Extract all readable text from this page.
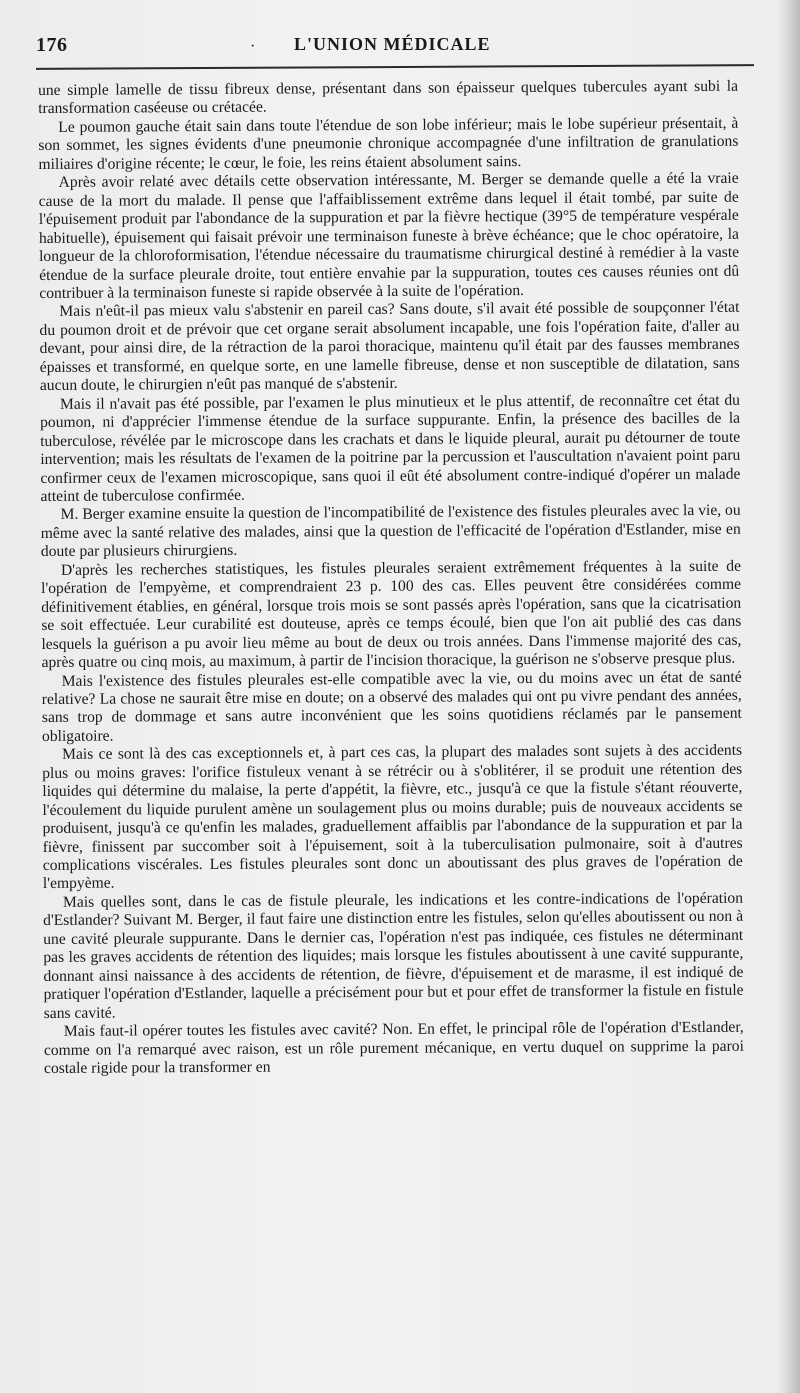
176	· L'UNION MÉDICALE

une simple lamelle de tissu fibreux dense, présentant dans son épaisseur quelques tubercules ayant subi la transformation caséeuse ou crétacée.

Le poumon gauche était sain dans toute l'étendue de son lobe inférieur; mais le lobe supérieur présentait, à son sommet, les signes évidents d'une pneumonie chronique accompagnée d'une infiltration de granulations miliaires d'origine récente; le cœur, le foie, les reins étaient absolument sains.

Après avoir relaté avec détails cette observation intéressante, M. Berger se demande quelle a été la vraie cause de la mort du malade. Il pense que l'affaiblissement extrême dans lequel il était tombé, par suite de l'épuisement produit par l'abondance de la suppuration et par la fièvre hectique (39°5 de température vespérale habituelle), épuisement qui faisait prévoir une terminaison funeste à brève échéance; que le choc opératoire, la longueur de la chloroformisation, l'étendue nécessaire du traumatisme chirurgical destiné à remédier à la vaste étendue de la surface pleurale droite, tout entière envahie par la suppuration, toutes ces causes réunies ont dû contribuer à la terminaison funeste si rapide observée à la suite de l'opération.

Mais n'eût-il pas mieux valu s'abstenir en pareil cas? Sans doute, s'il avait été possible de soupçonner l'état du poumon droit et de prévoir que cet organe serait absolument incapable, une fois l'opération faite, d'aller au devant, pour ainsi dire, de la rétraction de la paroi thoracique, maintenu qu'il était par des fausses membranes épaisses et transformé, en quelque sorte, en une lamelle fibreuse, dense et non susceptible de dilatation, sans aucun doute, le chirurgien n'eût pas manqué de s'abstenir.

Mais il n'avait pas été possible, par l'examen le plus minutieux et le plus attentif, de reconnaître cet état du poumon, ni d'apprécier l'immense étendue de la surface suppurante. Enfin, la présence des bacilles de la tuberculose, révélée par le microscope dans les crachats et dans le liquide pleural, aurait pu détourner de toute intervention; mais les résultats de l'examen de la poitrine par la percussion et l'auscultation n'avaient point paru confirmer ceux de l'examen microscopique, sans quoi il eût été absolument contre-indiqué d'opérer un malade atteint de tuberculose confirmée.

M. Berger examine ensuite la question de l'incompatibilité de l'existence des fistules pleurales avec la vie, ou même avec la santé relative des malades, ainsi que la question de l'efficacité de l'opération d'Estlander, mise en doute par plusieurs chirurgiens.

D'après les recherches statistiques, les fistules pleurales seraient extrêmement fréquentes à la suite de l'opération de l'empyème, et comprendraient 23 p. 100 des cas. Elles peuvent être considérées comme définitivement établies, en général, lorsque trois mois se sont passés après l'opération, sans que la cicatrisation se soit effectuée. Leur curabilité est douteuse, après ce temps écoulé, bien que l'on ait publié des cas dans lesquels la guérison a pu avoir lieu même au bout de deux ou trois années. Dans l'immense majorité des cas, après quatre ou cinq mois, au maximum, à partir de l'incision thoracique, la guérison ne s'observe presque plus.

Mais l'existence des fistules pleurales est-elle compatible avec la vie, ou du moins avec un état de santé relative? La chose ne saurait être mise en doute; on a observé des malades qui ont pu vivre pendant des années, sans trop de dommage et sans autre inconvénient que les soins quotidiens réclamés par le pansement obligatoire.

Mais ce sont là des cas exceptionnels et, à part ces cas, la plupart des malades sont sujets à des accidents plus ou moins graves: l'orifice fistuleux venant à se rétrécir ou à s'oblitérer, il se produit une rétention des liquides qui détermine du malaise, la perte d'appétit, la fièvre, etc., jusqu'à ce que la fistule s'étant réouverte, l'écoulement du liquide purulent amène un soulagement plus ou moins durable; puis de nouveaux accidents se produisent, jusqu'à ce qu'enfin les malades, graduellement affaiblis par l'abondance de la suppuration et par la fièvre, finissent par succomber soit à l'épuisement, soit à la tuberculisation pulmonaire, soit à d'autres complications viscérales. Les fistules pleurales sont donc un aboutissant des plus graves de l'opération de l'empyème.

Mais quelles sont, dans le cas de fistule pleurale, les indications et les contre-indications de l'opération d'Estlander? Suivant M. Berger, il faut faire une distinction entre les fistules, selon qu'elles aboutissent ou non à une cavité pleurale suppurante. Dans le dernier cas, l'opération n'est pas indiquée, ces fistules ne déterminant pas les graves accidents de rétention des liquides; mais lorsque les fistules aboutissent à une cavité suppurante, donnant ainsi naissance à des accidents de rétention, de fièvre, d'épuisement et de marasme, il est indiqué de pratiquer l'opération d'Estlander, laquelle a précisément pour but et pour effet de transformer la fistule en fistule sans cavité.

Mais faut-il opérer toutes les fistules avec cavité? Non. En effet, le principal rôle de l'opération d'Estlander, comme on l'a remarqué avec raison, est un rôle purement mécanique, en vertu duquel on supprime la paroi costale rigide pour la transformer en
